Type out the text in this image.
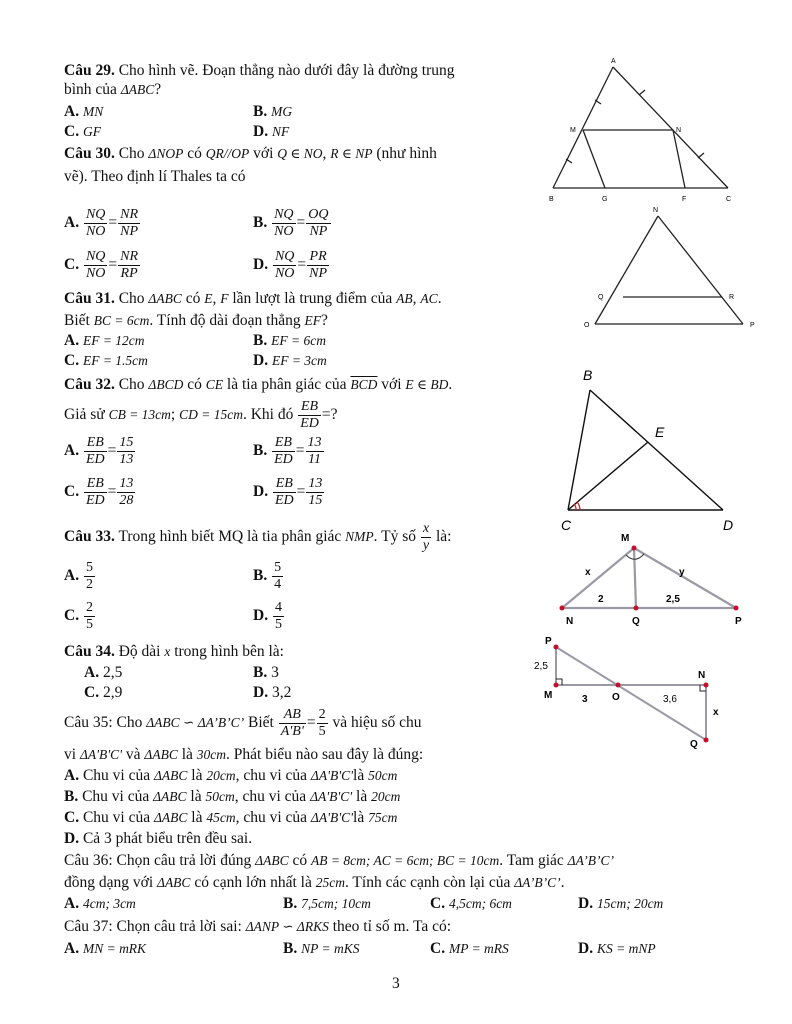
Câu 29. Cho hình vẽ. Đoạn thẳng nào dưới đây là đường trung
bình của ΔABC?
A. MN	B. MG
C. GF	D. NF
A
M	N
B	G	F	C
Câu 30. Cho ΔNOP có QR//OP với Q ∈ NO, R ∈ NP (như hình
vẽ). Theo định lí Thales ta có
A. $\frac{NQ}{NO} = \frac{NR}{NP}$	B. $\frac{NQ}{NO} = \frac{OQ}{NP}$
C. $\frac{NQ}{NO} = \frac{NR}{RP}$	D. $\frac{NQ}{NO} = \frac{PR}{NP}$
N
Q	R
O	P
Câu 31. Cho ΔABC có E, F lần lượt là trung điểm của AB, AC.
Biết BC = 6cm. Tính độ dài đoạn thẳng EF?
A. EF = 12cm	B. EF = 6cm
C. EF = 1.5cm	D. EF = 3cm
Câu 32. Cho ΔBCD có CE là tia phân giác của $\overline{BCD}$ với E ∈ BD.
Giả sử CB = 13cm; CD = 15cm. Khi đó $\frac{EB}{ED}$ =?
A. $\frac{EB}{ED} = \frac{15}{13}$	B. $\frac{EB}{ED} = \frac{13}{11}$
C. $\frac{EB}{ED} = \frac{13}{28}$	D. $\frac{EB}{ED} = \frac{13}{15}$
B
E
C	D
Câu 33. Trong hình biết MQ là tia phân giác NMP. Tỷ số $\frac{x}{y}$ là:
A. $\frac{5}{2}$	B. $\frac{5}{4}$
C. $\frac{2}{5}$	D. $\frac{4}{5}$
M
x	y
2	2,5
N	Q	P
Câu 34. Độ dài x trong hình bên là:
A. 2,5	B. 3
C. 2,9	D. 3,2
P
2,5
M	3 O	3,6
N
x
Q
Câu 35: Cho ΔABC ∽ ΔA’B’C’ Biết $\frac{AB}{A'B'} = \frac{2}{5}$ và hiệu số chu
vi ΔA'B'C' và ΔABC là 30cm. Phát biểu nào sau đây là đúng:
A. Chu vi của ΔABC là 20cm, chu vi của ΔA'B'C'là 50cm
B. Chu vi của ΔABC là 50cm, chu vi của ΔA'B'C' là 20cm
C. Chu vi của ΔABC là 45cm, chu vi của ΔA'B'C'là 75cm
D. Cả 3 phát biểu trên đều sai.
Câu 36: Chọn câu trả lời đúng ΔABC có AB = 8cm; AC = 6cm; BC = 10cm. Tam giác ΔA’B’C’
đồng dạng với ΔABC có cạnh lớn nhất là 25cm. Tính các cạnh còn lại của ΔA’B’C’.
A. 4cm; 3cm	B. 7,5cm; 10cm	C. 4,5cm; 6cm	D. 15cm; 20cm
Câu 37: Chọn câu trả lời sai: ΔANP ∽ ΔRKS theo tỉ số m. Ta có:
A. MN = mRK	B. NP = mKS	C. MP = mRS	D. KS = mNP
3
